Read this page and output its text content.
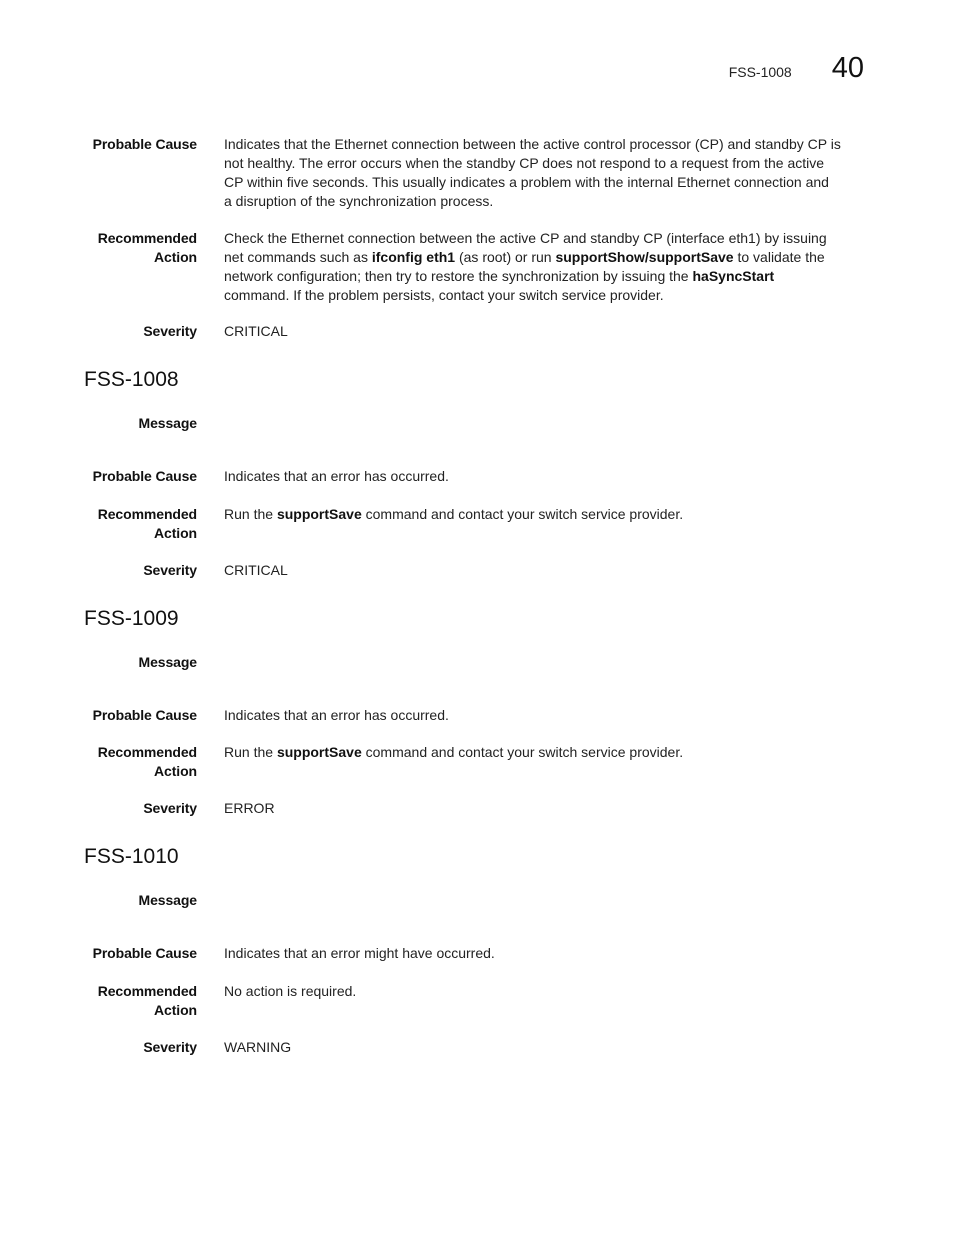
FSS-1008 40
Probable Cause Indicates that the Ethernet connection between the active control processor (CP) and standby CP is
not healthy. The error occurs when the standby CP does not respond to a request from the active
CP within five seconds. This usually indicates a problem with the internal Ethernet connection and
a disruption of the synchronization process.
Recommended
Action
Check the Ethernet connection between the active CP and standby CP (interface eth1) by issuing
net commands such as ifconfig eth1 (as root) or run supportShow/supportSave to validate the
network configuration; then try to restore the synchronization by issuing the haSyncStart
command. If the problem persists, contact your switch service provider.
Severity CRITICAL
FSS-1008
Message
Probable Cause Indicates that an error has occurred.
Recommended
Action
Run the supportSave command and contact your switch service provider.
Severity CRITICAL
FSS-1009
Message
Probable Cause Indicates that an error has occurred.
Recommended
Action
Run the supportSave command and contact your switch service provider.
Severity ERROR
FSS-1010
Message
Probable Cause Indicates that an error might have occurred.
Recommended
Action
No action is required.
Severity WARNING
